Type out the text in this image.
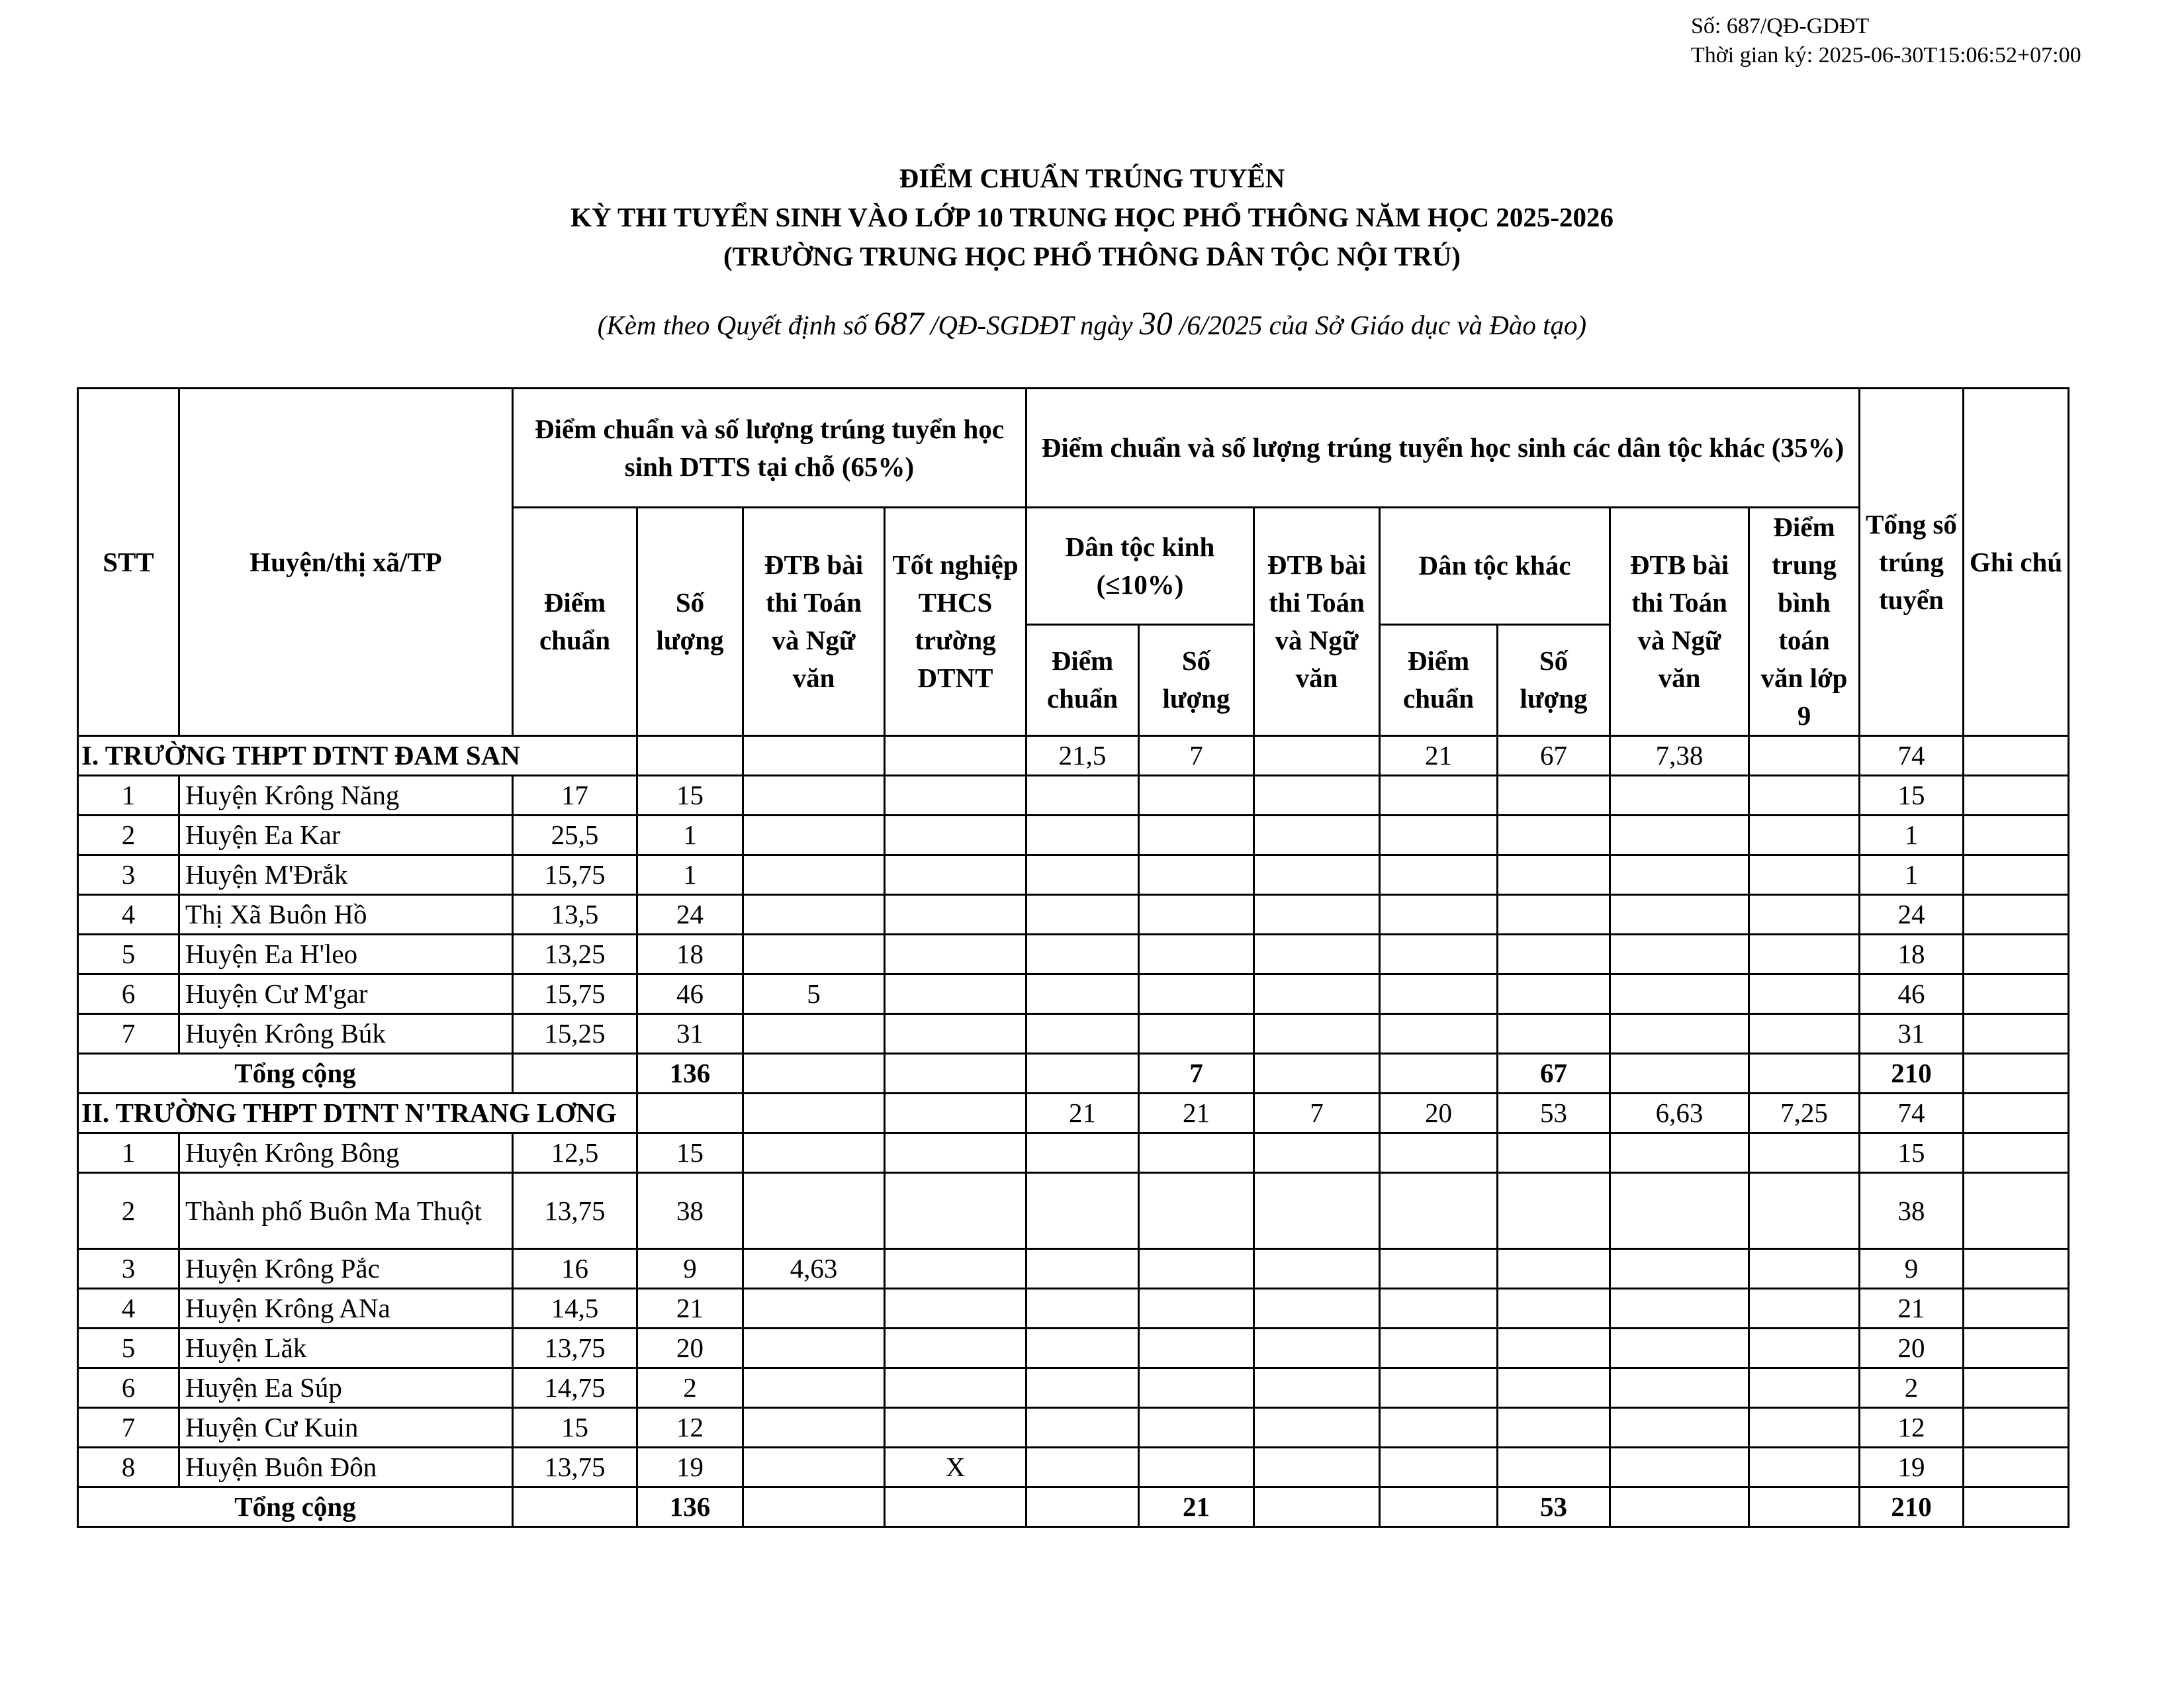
Số: 687/QĐ-GDĐT
Thời gian ký: 2025-06-30T15:06:52+07:00
ĐIỂM CHUẨN TRÚNG TUYỂN
KỲ THI TUYỂN SINH VÀO LỚP 10 TRUNG HỌC PHỔ THÔNG NĂM HỌC 2025-2026
(TRƯỜNG TRUNG HỌC PHỔ THÔNG DÂN TỘC NỘI TRÚ)
(Kèm theo Quyết định số 687 /QĐ-SGDĐT ngày 30 /6/2025 của Sở Giáo dục và Đào tạo)
STT	Huyện/thị xã/TP	Điểm chuẩn và số lượng trúng tuyển học sinh DTTS tại chỗ (65%)				Điểm chuẩn và số lượng trúng tuyển học sinh các dân tộc khác (35%)							Tổng số trúng tuyển	Ghi chú
		Điểm chuẩn	Số lượng	ĐTB bài thi Toán và Ngữ văn	Tốt nghiệp THCS trường DTNT	Dân tộc kinh (≤10%)		ĐTB bài thi Toán và Ngữ văn	Dân tộc khác		ĐTB bài thi Toán và Ngữ văn	Điểm trung bình toán văn lớp 9		
						Điểm chuẩn	Số lượng		Điểm chuẩn	Số lượng				
I. TRƯỜNG THPT DTNT ĐAM SAN						21,5	7		21	67	7,38		74	
1	Huyện Krông Năng	17	15										15	
2	Huyện Ea Kar	25,5	1										1	
3	Huyện M'Đrắk	15,75	1										1	
4	Thị Xã Buôn Hồ	13,5	24										24	
5	Huyện Ea H'leo	13,25	18										18	
6	Huyện Cư M'gar	15,75	46	5									46	
7	Huyện Krông Búk	15,25	31										31	
Tổng cộng			136				7			67			210	
II. TRƯỜNG THPT DTNT N'TRANG LƠNG						21	21	7	20	53	6,63	7,25	74	
1	Huyện Krông Bông	12,5	15										15	
2	Thành phố Buôn Ma Thuột	13,75	38										38	
3	Huyện Krông Pắc	16	9	4,63									9	
4	Huyện Krông ANa	14,5	21										21	
5	Huyện Lăk	13,75	20										20	
6	Huyện Ea Súp	14,75	2										2	
7	Huyện Cư Kuin	15	12										12	
8	Huyện Buôn Đôn	13,75	19		X								19	
Tổng cộng			136				21			53			210	
